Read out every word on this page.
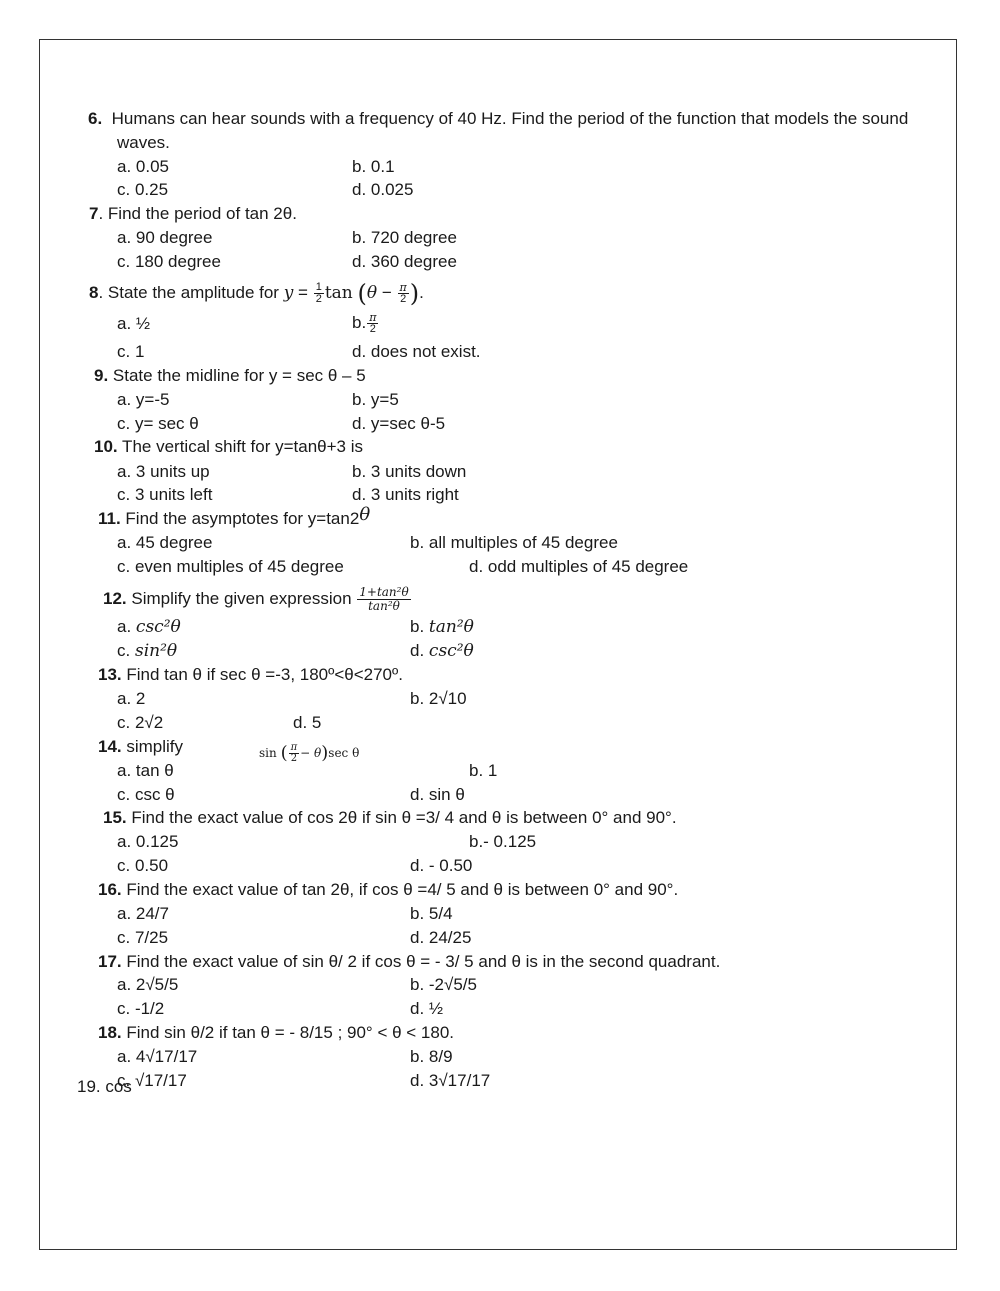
6. Humans can hear sounds with a frequency of 40 Hz. Find the period of the function that models the sound
waves.
a. 0.05	b. 0.1
c. 0.25	d. 0.025
7. Find the period of tan 2θ.
a. 90 degree	b. 720 degree
c. 180 degree	d. 360 degree
8. State the amplitude for $y = \frac{1}{2}$ $\tan (\theta - \frac{\pi}{2}$ ).
a. ½	b. $\frac{\pi}{2}$
c. 1	d. does not exist.
9. State the midline for y = sec θ – 5
a. y=-5	b. y=5
c. y= sec θ	d. y=sec θ-5
10. The vertical shift for y=tanθ+3 is
a. 3 units up	b. 3 units down
c. 3 units left	d. 3 units right
11. Find the asymptotes for y=tan2θ
a. 45 degree	b. all multiples of 45 degree
c. even multiples of 45 degree	d. odd multiples of 45 degree
12. Simplify the given expression $\frac{\text{1+tan²θ}}{\text{tan²θ}}$
a. csc²θ	b. tan²θ
c. sin²θ	d. csc²θ
13. Find tan θ if sec θ =-3, 180º<θ<270º.
a. 2	b. 2√10
c. 2√2	d. 5
14. simplify	sin ( $\frac{\pi}{2} - \theta)\sec$ θ
a. tan θ	b. 1
c. csc θ	d. sin θ
15. Find the exact value of cos 2θ if sin θ =3/ 4 and θ is between 0° and 90°.
a. 0.125	b.- 0.125
c. 0.50	d. - 0.50
16. Find the exact value of tan 2θ, if cos θ =4/ 5 and θ is between 0° and 90°.
a. 24/7	b. 5/4
c. 7/25	d. 24/25
17. Find the exact value of sin θ/ 2 if cos θ = - 3/ 5 and θ is in the second quadrant.
a. 2√5/5	b. -2√5/5
c. -1/2	d. ½
18. Find sin θ/2 if tan θ = - 8/15 ; 90° < θ < 180.
a. 4√17/17	b. 8/9
c. √17/17	d. 3√17/17
19. cos
